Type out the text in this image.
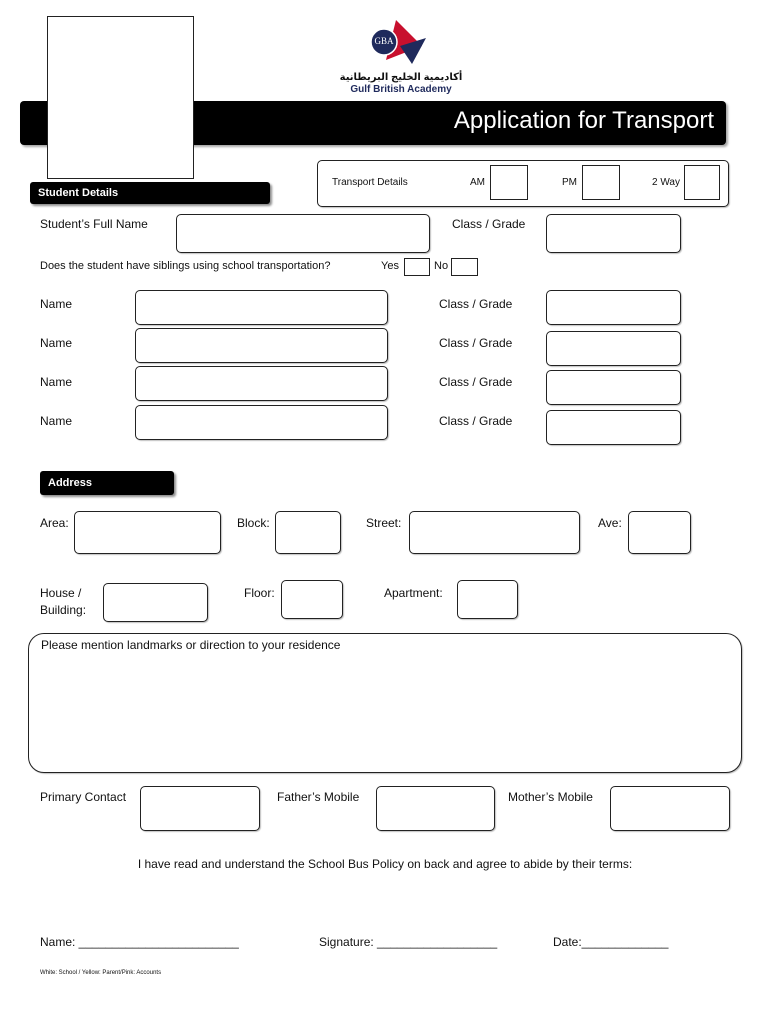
GBA
أكاديمية الخليج البريطانية
Gulf British Academy
Application for Transport
Transport Details	AM	PM	2 Way
Student Details
Student’s Full Name	Class / Grade
Does the student have siblings using school transportation?	Yes	No
Name	Class / Grade
Name	Class / Grade
Name	Class / Grade
Name	Class / Grade
Address
Area:	Block:	Street:	Ave:
House /
Building:
Floor:	Apartment:
Please mention landmarks or direction to your residence
Primary Contact	Father’s Mobile	Mother’s Mobile
I have read and understand the School Bus Policy on back and agree to abide by their terms:
Name: ________________________	Signature: __________________	Date:_____________
White: School / Yellow: Parent/Pink: Accounts
